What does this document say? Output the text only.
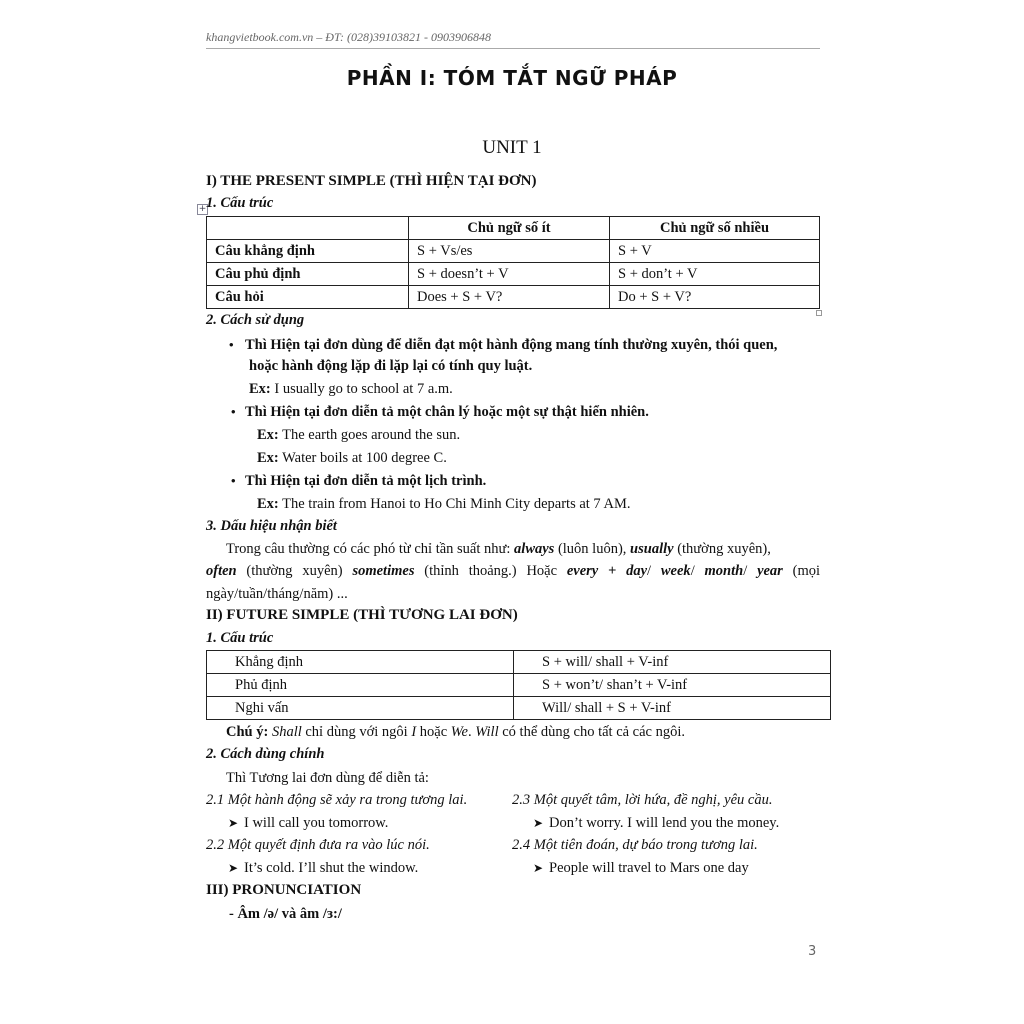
khangvietbook.com.vn – ĐT: (028)39103821 - 0903906848
PHẦN I: TÓM TẮT NGỮ PHÁP
UNIT 1
I) THE PRESENT SIMPLE (THÌ HIỆN TẠI ĐƠN)
+ 1. Cấu trúc
	Chủ ngữ số ít	Chủ ngữ số nhiều
Câu khẳng định	S + Vs/es	S + V
Câu phủ định	S + doesn’t + V	S + don’t + V
Câu hỏi	Does + S + V?	Do + S + V?
2. Cách sử dụng
• Thì Hiện tại đơn dùng để diễn đạt một hành động mang tính thường xuyên, thói quen,
hoặc hành động lặp đi lặp lại có tính quy luật.
Ex: I usually go to school at 7 a.m.
• Thì Hiện tại đơn diễn tả một chân lý hoặc một sự thật hiển nhiên.
Ex: The earth goes around the sun.
Ex: Water boils at 100 degree C.
• Thì Hiện tại đơn diễn tả một lịch trình.
Ex: The train from Hanoi to Ho Chi Minh City departs at 7 AM.
3. Dấu hiệu nhận biết
Trong câu thường có các phó từ chỉ tần suất như: always (luôn luôn), usually (thường xuyên),
often (thường xuyên) sometimes (thỉnh thoảng.) Hoặc every + day/ week/ month/ year (mọi
ngày/tuần/tháng/năm) ...
II) FUTURE SIMPLE (THÌ TƯƠNG LAI ĐƠN)
1. Cấu trúc
Khẳng định	S + will/ shall + V-inf
Phủ định	S + won’t/ shan’t + V-inf
Nghi vấn	Will/ shall + S + V-inf
Chú ý: Shall chỉ dùng với ngôi I hoặc We. Will có thể dùng cho tất cả các ngôi.
2. Cách dùng chính
Thì Tương lai đơn dùng để diễn tả:
2.1 Một hành động sẽ xảy ra trong tương lai.
➤ I will call you tomorrow.
2.2 Một quyết định đưa ra vào lúc nói.
➤ It’s cold. I’ll shut the window.
2.3 Một quyết tâm, lời hứa, đề nghị, yêu cầu.
➤ Don’t worry. I will lend you the money.
2.4 Một tiên đoán, dự báo trong tương lai.
➤ People will travel to Mars one day
III) PRONUNCIATION
- Âm /ə/ và âm /ɜ:/
3
